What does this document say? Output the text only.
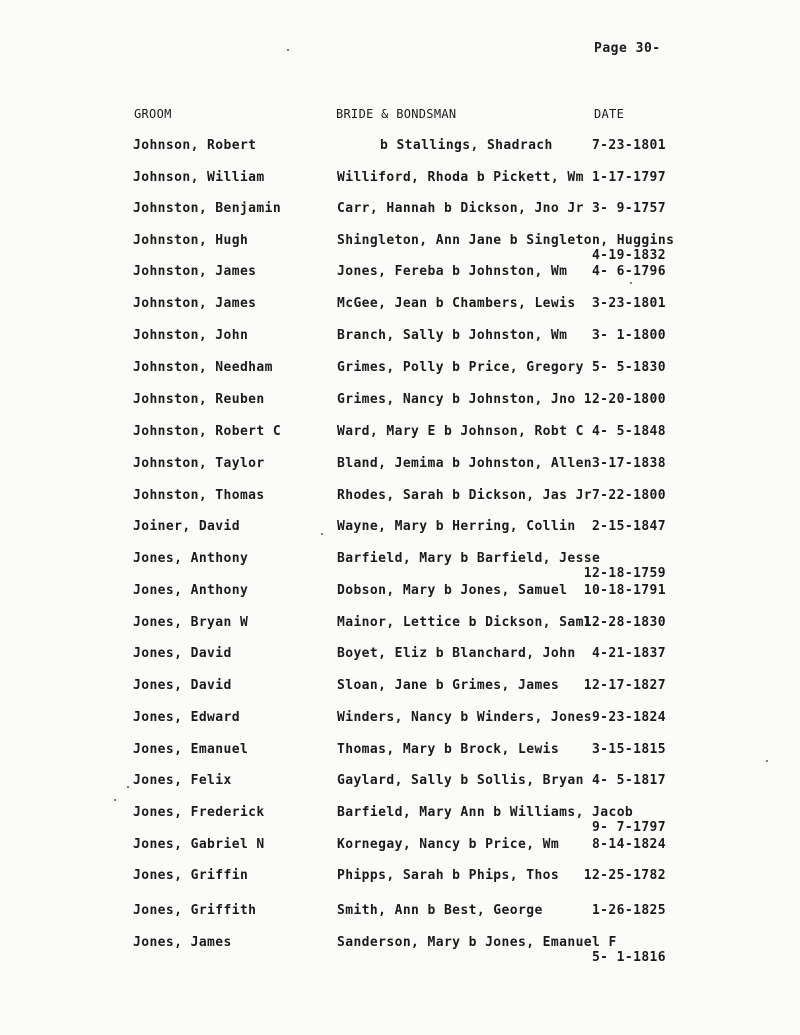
Page 30-
GROOM	BRIDE & BONDSMAN	DATE
Johnson, Robert	b Stallings, Shadrach	7-23-1801
Johnson, William	Williford, Rhoda b Pickett, Wm 1-17-1797
Johnston, Benjamin	Carr, Hannah b Dickson, Jno Jr 3- 9-1757
Johnston, Hugh	Shingleton, Ann Jane b Singleton, Huggins
4-19-1832
Johnston, James	Jones, Fereba b Johnston, Wm 4- 6-1796
Johnston, James	McGee, Jean b Chambers, Lewis 3-23-1801
Johnston, John	Branch, Sally b Johnston, Wm 3- 1-1800
Johnston, Needham	Grimes, Polly b Price, Gregory 5- 5-1830
Johnston, Reuben	Grimes, Nancy b Johnston, Jno 12-20-1800
Johnston, Robert C	Ward, Mary E b Johnson, Robt C 4- 5-1848
Johnston, Taylor	Bland, Jemima b Johnston, Allen 3-17-1838
Johnston, Thomas	Rhodes, Sarah b Dickson, Jas Jr 7-22-1800
Joiner, David	Wayne, Mary b Herring, Collin 2-15-1847
Jones, Anthony	Barfield, Mary b Barfield, Jesse
12-18-1759
Jones, Anthony	Dobson, Mary b Jones, Samuel 10-18-1791
Jones, Bryan W	Mainor, Lettice b Dickson, Saml
12-28-1830
Jones, David	Boyet, Eliz b Blanchard, John 4-21-1837
Jones, David	Sloan, Jane b Grimes, James 12-17-1827
Jones, Edward	Winders, Nancy b Winders, Jones 9-23-1824
Jones, Emanuel	Thomas, Mary b Brock, Lewis	3-15-1815
Jones, Felix	Gaylard, Sally b Sollis, Bryan 4- 5-1817
Jones, Frederick	Barfield, Mary Ann b Williams, Jacob
9- 7-1797
Jones, Gabriel N	Kornegay, Nancy b Price, Wm	8-14-1824
Jones, Griffin	Phipps, Sarah b Phips, Thos 12-25-1782
Jones, Griffith	Smith, Ann b Best, George	1-26-1825
Jones, James	Sanderson, Mary b Jones, Emanuel F
5- 1-1816
